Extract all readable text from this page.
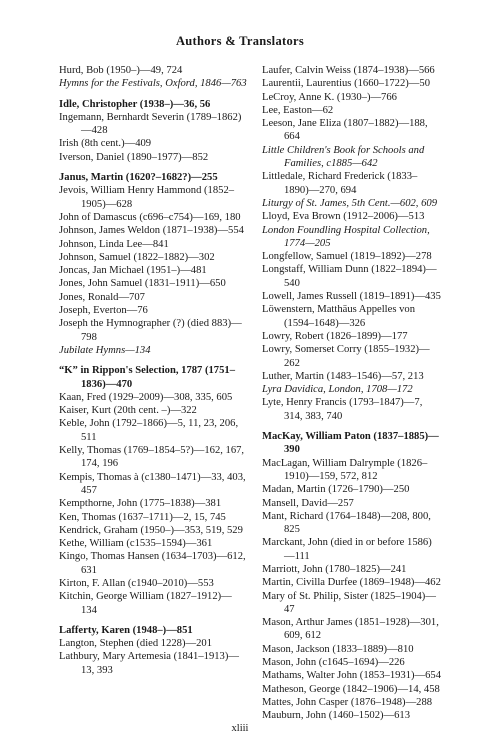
Authors & Translators

Hurd, Bob (1950–)—49, 724

Hymns for the Festivals, Oxford, 1846—763

Idle, Christopher (1938–)—36, 56

Ingemann, Bernhardt Severin (1789–1862)—428

Irish (8th cent.)—409

Iverson, Daniel (1890–1977)—852

Janus, Martin (1620?–1682?)—255

Jevois, William Henry Hammond (1852–1905)—628

John of Damascus (c696–c754)—169, 180

Johnson, James Weldon (1871–1938)—554

Johnson, Linda Lee—841

Johnson, Samuel (1822–1882)—302

Joncas, Jan Michael (1951–)—481

Jones, John Samuel (1831–1911)—650

Jones, Ronald—707

Joseph, Everton—76

Joseph the Hymnographer (?) (died 883)—798

Jubilate Hymns—134

“K” in Rippon's Selection, 1787 (1751–1836)—470

Kaan, Fred (1929–2009)—308, 335, 605

Kaiser, Kurt (20th cent. –)—322

Keble, John (1792–1866)—5, 11, 23, 206, 511

Kelly, Thomas (1769–1854–5?)—162, 167, 174, 196

Kempis, Thomas à (c1380–1471)—33, 403, 457

Kempthorne, John (1775–1838)—381

Ken, Thomas (1637–1711)—2, 15, 745

Kendrick, Graham (1950–)—353, 519, 529

Kethe, William (c1535–1594)—361

Kingo, Thomas Hansen (1634–1703)—612, 631

Kirton, F. Allan (c1940–2010)—553

Kitchin, George William (1827–1912)—134

Lafferty, Karen (1948–)—851

Langton, Stephen (died 1228)—201

Lathbury, Mary Artemesia (1841–1913)—13, 393

Laufer, Calvin Weiss (1874–1938)—566

Laurentii, Laurentius (1660–1722)—50

LeCroy, Anne K. (1930–)—766

Lee, Easton—62

Leeson, Jane Eliza (1807–1882)—188, 664

Little Children's Book for Schools and Families, c1885—642

Littledale, Richard Frederick (1833–1890)—270, 694

Liturgy of St. James, 5th Cent.—602, 609

Lloyd, Eva Brown (1912–2006)—513

London Foundling Hospital Collection, 1774—205

Longfellow, Samuel (1819–1892)—278

Longstaff, William Dunn (1822–1894)—540

Lowell, James Russell (1819–1891)—435

Löwenstern, Matthäus Appelles von (1594–1648)—326

Lowry, Robert (1826–1899)—177

Lowry, Somerset Corry (1855–1932)—262

Luther, Martin (1483–1546)—57, 213

Lyra Davidica, London, 1708—172

Lyte, Henry Francis (1793–1847)—7, 314, 383, 740

MacKay, William Paton (1837–1885)—390

MacLagan, William Dalrymple (1826–1910)—159, 572, 812

Madan, Martin (1726–1790)—250

Mansell, David—257

Mant, Richard (1764–1848)—208, 800, 825

Marckant, John (died in or before 1586)—111

Marriott, John (1780–1825)—241

Martin, Civilla Durfee (1869–1948)—462

Mary of St. Philip, Sister (1825–1904)—47

Mason, Arthur James (1851–1928)—301, 609, 612

Mason, Jackson (1833–1889)—810

Mason, John (c1645–1694)—226

Mathams, Walter John (1853–1931)—654

Matheson, George (1842–1906)—14, 458

Mattes, John Casper (1876–1948)—288

Mauburn, John (1460–1502)—613

xliii
